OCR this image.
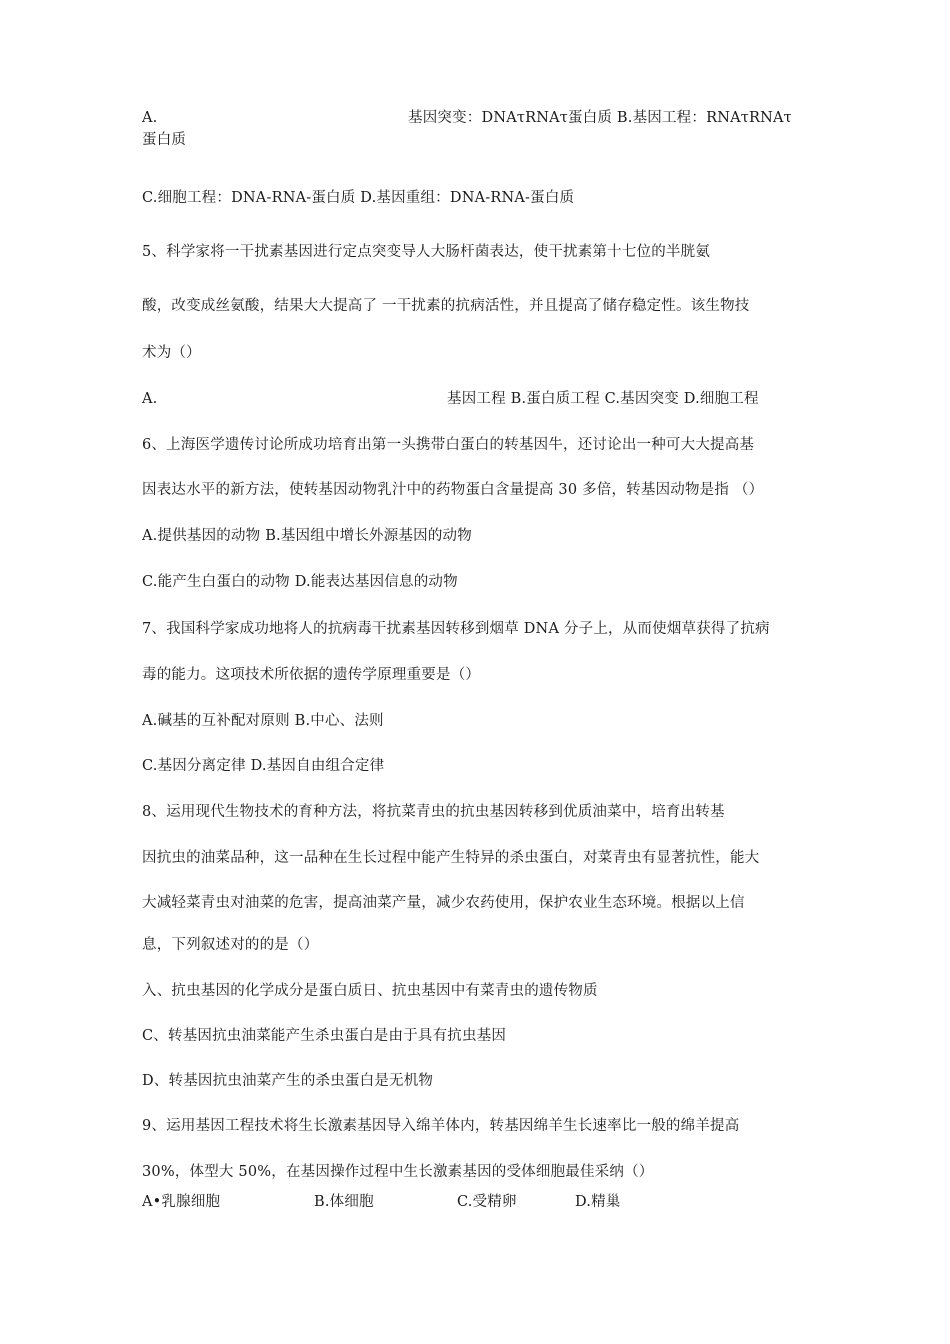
A.	基因突变：DNAτRNAτ蛋白质 B.基因工程：RNAτRNAτ
蛋白质
C.细胞工程：DNA-RNA-蛋白质 D.基因重组：DNA-RNA-蛋白质
5、科学家将一干扰素基因进行定点突变导人大肠杆菌表达，使干扰素第十七位的半胱氨
酸，改变成丝氨酸，结果大大提高了 一干扰素的抗病活性，并且提高了储存稳定性。该生物技
术为（）
A.	基因工程 B.蛋白质工程 C.基因突变 D.细胞工程
6、上海医学遗传讨论所成功培育出第一头携带白蛋白的转基因牛，还讨论出一种可大大提高基
因表达水平的新方法，使转基因动物乳汁中的药物蛋白含量提高 30 多倍，转基因动物是指 （）
A.提供基因的动物 B.基因组中增长外源基因的动物
C.能产生白蛋白的动物 D.能表达基因信息的动物
7、我国科学家成功地将人的抗病毒干扰素基因转移到烟草 DNA 分子上，从而使烟草获得了抗病
毒的能力。这项技术所依据的遗传学原理重要是（）
A.碱基的互补配对原则 B.中心、法则
C.基因分离定律 D.基因自由组合定律
8、运用现代生物技术的育种方法，将抗菜青虫的抗虫基因转移到优质油菜中，培育出转基
因抗虫的油菜品种，这一品种在生长过程中能产生特异的杀虫蛋白，对菜青虫有显著抗性，能大
大减轻菜青虫对油菜的危害，提高油菜产量，减少农药使用，保护农业生态环境。根据以上信
息，下列叙述对的的是（）
入、抗虫基因的化学成分是蛋白质日、抗虫基因中有菜青虫的遗传物质
C、转基因抗虫油菜能产生杀虫蛋白是由于具有抗虫基因
D、转基因抗虫油菜产生的杀虫蛋白是无机物
9、运用基因工程技术将生长激素基因导入绵羊体内，转基因绵羊生长速率比一般的绵羊提高
30%，体型大 50%，在基因操作过程中生长激素基因的受体细胞最佳采纳（）
A•乳腺细胞	B.体细胞	C.受精卵	D.精巢
